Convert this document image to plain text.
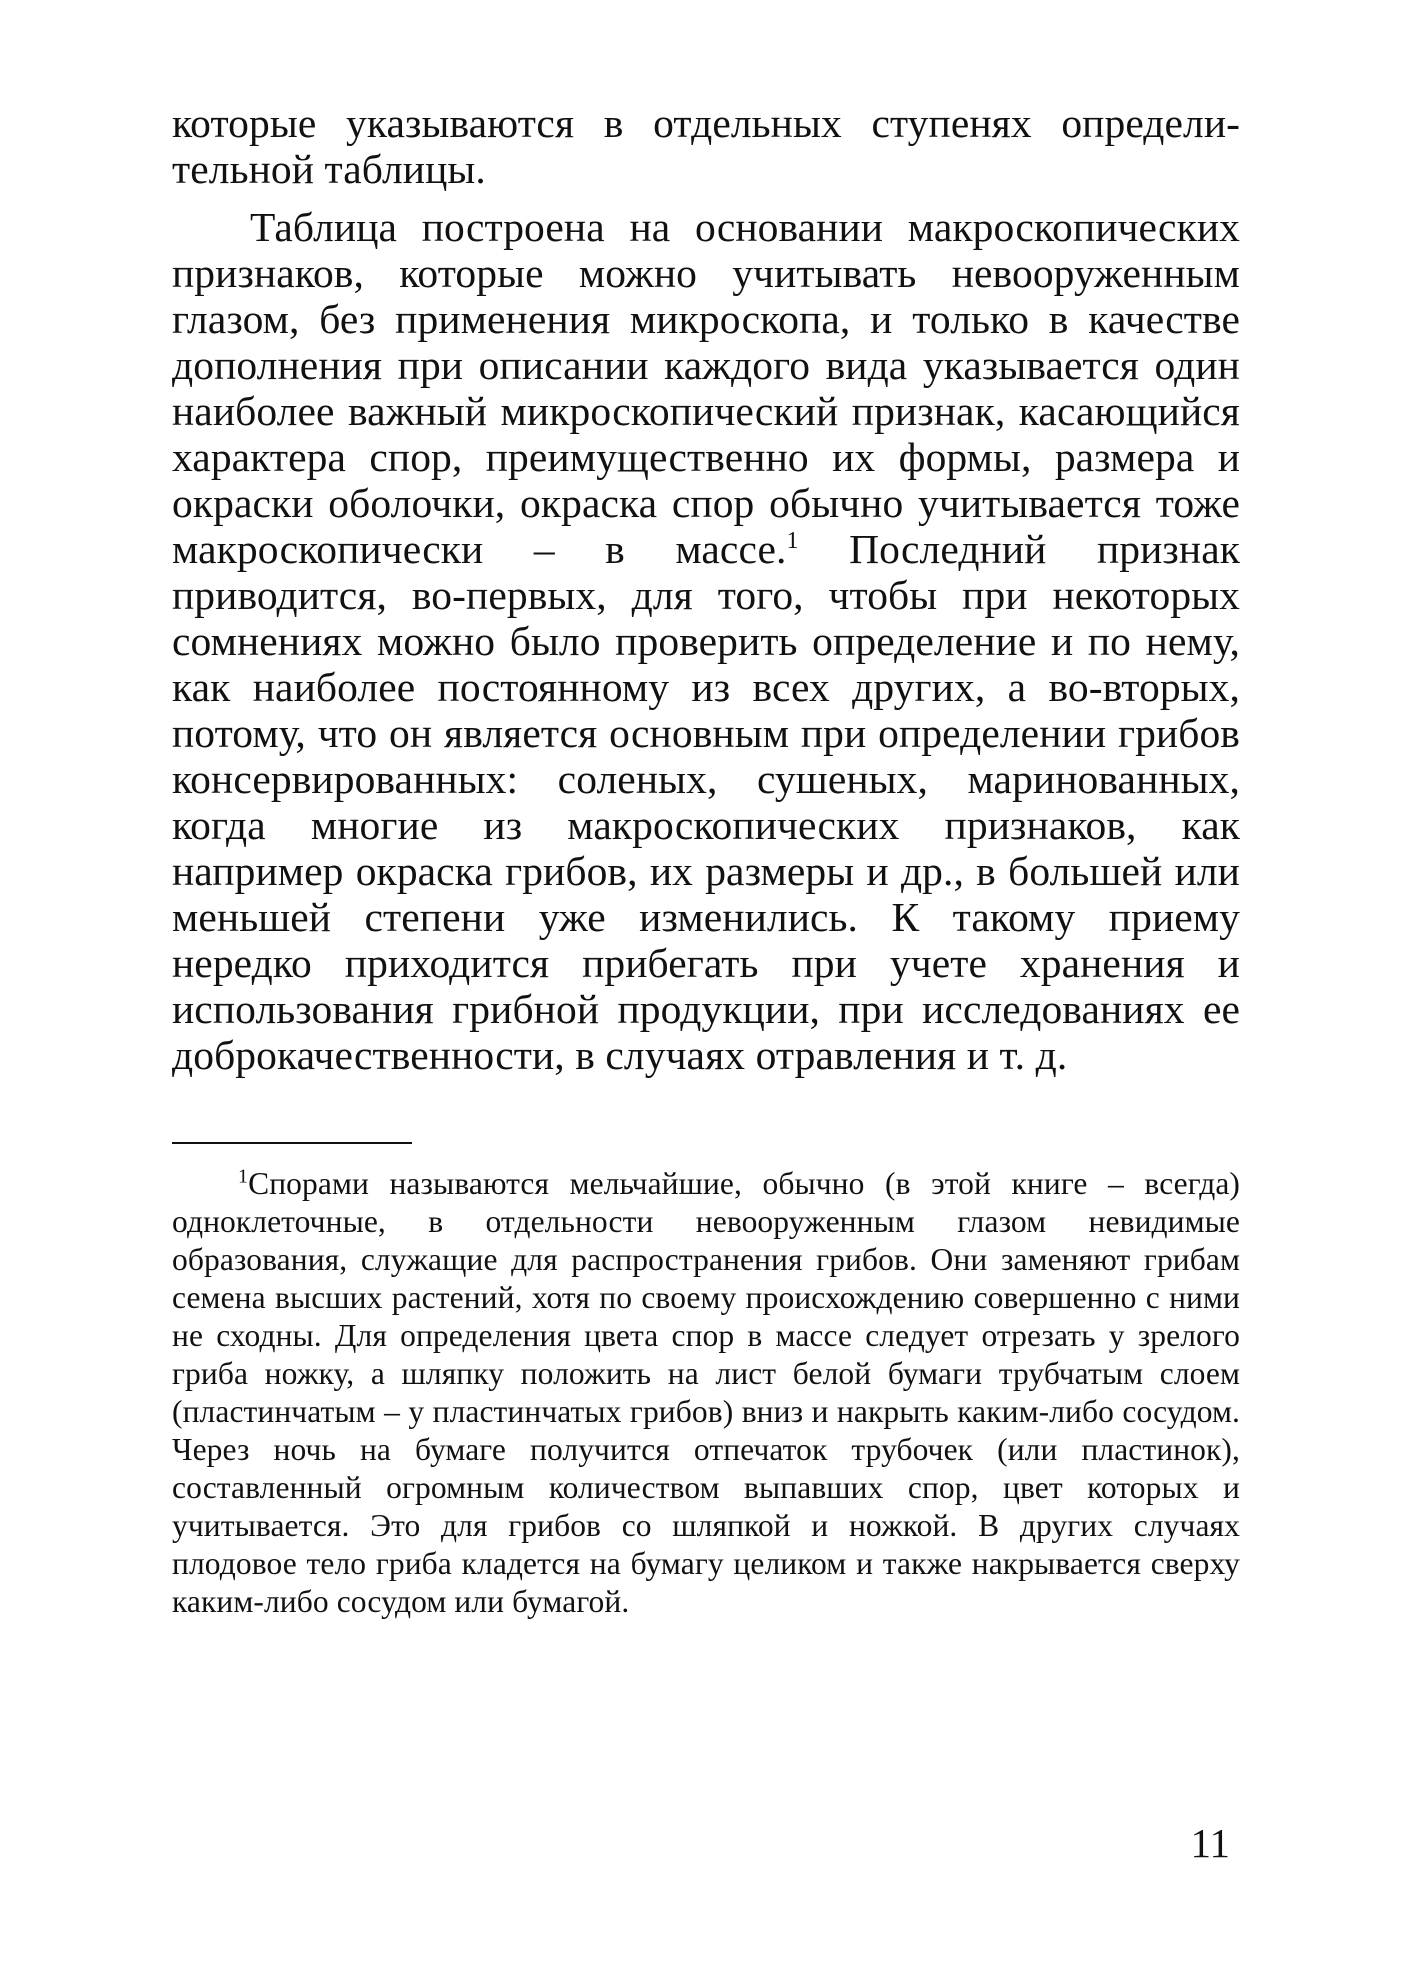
которые указываются в отдельных ступенях определительной таблицы.

Таблица построена на основании макроскопических признаков, которые можно учитывать невооруженным глазом, без применения микроскопа, и только в качестве дополнения при описании каждого вида указывается один наиболее важный микроскопический признак, касающийся характера спор, преимущественно их формы, размера и окраски оболочки, окраска спор обычно учитывается тоже макроскопически – в массе.$^1$ Последний признак приводится, во-первых, для того, чтобы при некоторых сомнениях можно было проверить определение и по нему, как наиболее постоянному из всех других, а во-вторых, потому, что он является основным при определении грибов консервированных: соленых, сушеных, маринованных, когда многие из макроскопических признаков, как например окраска грибов, их размеры и др., в большей или меньшей степени уже изменились. К такому приему нередко приходится прибегать при учете хранения и использования грибной продукции, при исследованиях ее доброкачественности, в случаях отравления и т. д.

$^1$Спорами называются мельчайшие, обычно (в этой книге – всегда) одноклеточные, в отдельности невооруженным глазом невидимые образования, служащие для распространения грибов. Они заменяют грибам семена высших растений, хотя по своему происхождению совершенно с ними не сходны. Для определения цвета спор в массе следует отрезать у зрелого гриба ножку, а шляпку положить на лист белой бумаги трубчатым слоем (пластинчатым – у пластинчатых грибов) вниз и накрыть каким-либо сосудом. Через ночь на бумаге получится отпечаток трубочек (или пластинок), составленный огромным количеством выпавших спор, цвет которых и учитывается. Это для грибов со шляпкой и ножкой. В других случаях плодовое тело гриба кладется на бумагу целиком и также накрывается сверху каким-либо сосудом или бумагой.

11
